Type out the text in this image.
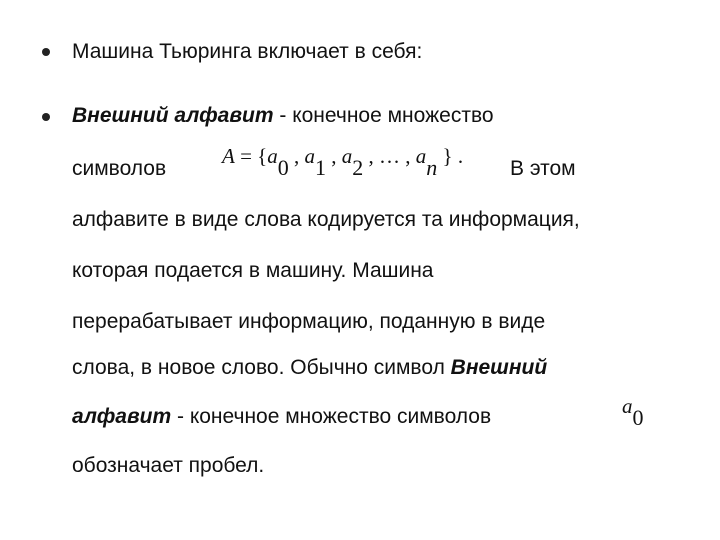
Машина Тьюринга включает в себя:
Внешний алфавит - конечное множество
символов
A = {a0 , a1 , a2 , … , an } .
В этом
алфавите в виде слова кодируется та информация,
которая подается в машину. Машина
перерабатывает информацию, поданную в виде
слова, в новое слово. Обычно символ Внешний
алфавит - конечное множество символов	a0
обозначает пробел.
